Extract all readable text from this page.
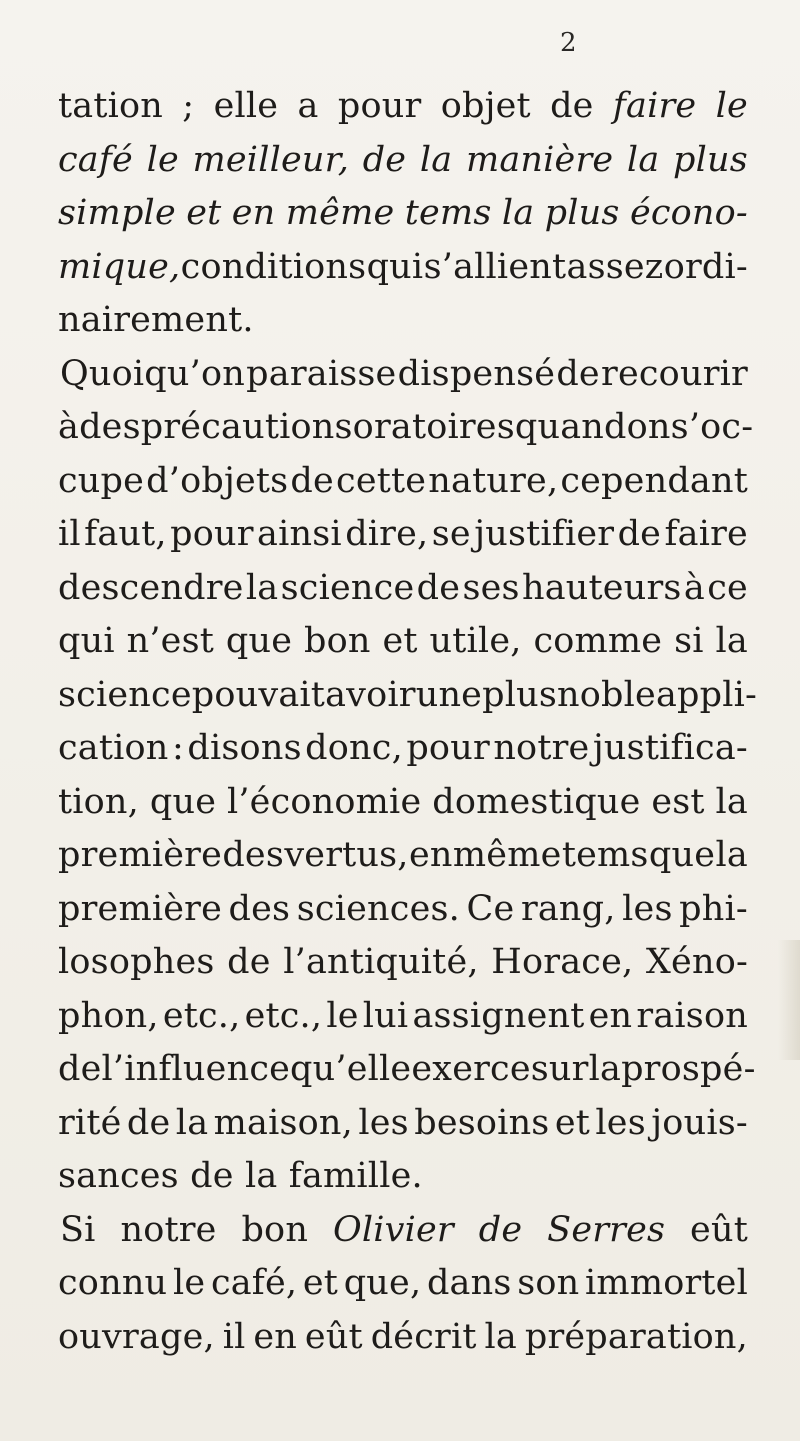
2
tation ; elle a pour objet de faire le
café le meilleur, de la manière la plus
simple et en même tems la plus écono-
mique, conditions qui s’allient assez ordi-
nairement.
Quoiqu’on paraisse dispensé de recourir
à des précautions oratoires quand on s’oc-
cupe d’objets de cette nature, cependant
il faut, pour ainsi dire, se justifier de faire
descendre la science de ses hauteurs à ce
qui n’est que bon et utile, comme si la
science pouvait avoir une plus noble appli-
cation : disons donc, pour notre justifica-
tion, que l’économie domestique est la
première des vertus, en même tems que la
première des sciences. Ce rang, les phi-
losophes de l’antiquité, Horace, Xéno-
phon, etc., etc., le lui assignent en raison
de l’influence qu’elle exerce sur la prospé-
rité de la maison, les besoins et les jouis-
sances de la famille.
Si notre bon Olivier de Serres eût
connu le café, et que, dans son immortel
ouvrage, il en eût décrit la préparation,
